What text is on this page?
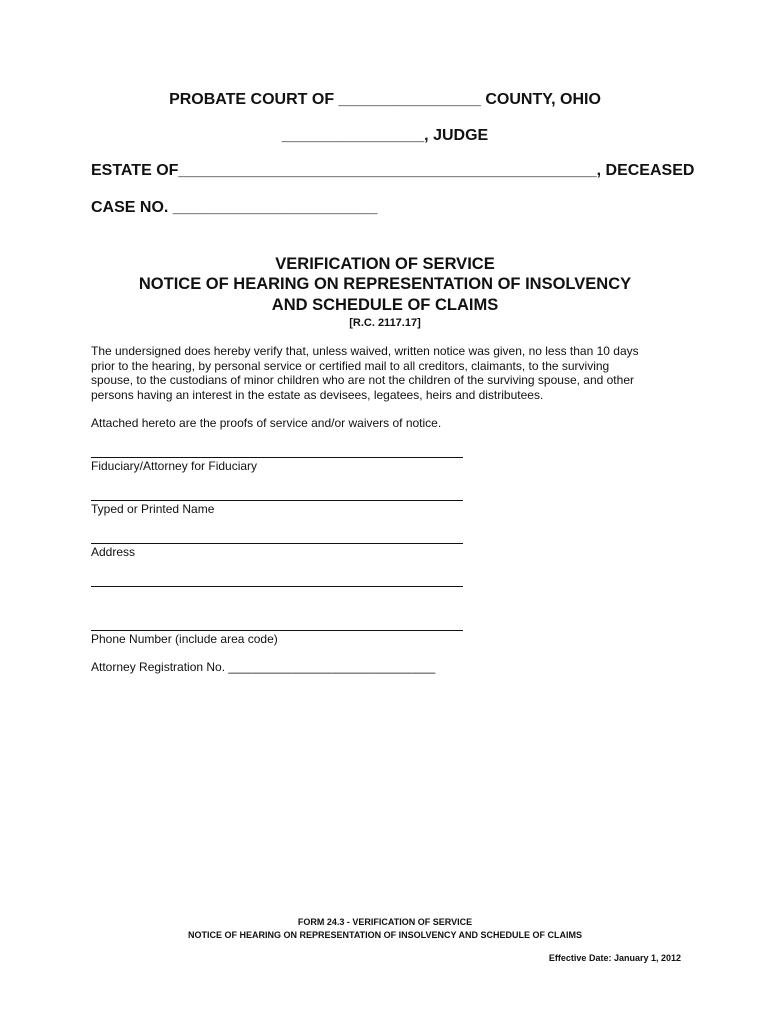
PROBATE COURT OF ________________ COUNTY, OHIO
________________, JUDGE
ESTATE OF_______________________________________________, DECEASED
CASE NO. _______________________
VERIFICATION OF SERVICE
NOTICE OF HEARING ON REPRESENTATION OF INSOLVENCY
AND SCHEDULE OF CLAIMS
[R.C. 2117.17]
The undersigned does hereby verify that, unless waived, written notice was given, no less than 10 days
prior to the hearing, by personal service or certified mail to all creditors, claimants, to the surviving
spouse, to the custodians of minor children who are not the children of the surviving spouse, and other
persons having an interest in the estate as devisees, legatees, heirs and distributees.
Attached hereto are the proofs of service and/or waivers of notice.
Fiduciary/Attorney for Fiduciary
Typed or Printed Name
Address
Phone Number (include area code)
Attorney Registration No. _______________________________
FORM 24.3 - VERIFICATION OF SERVICE
NOTICE OF HEARING ON REPRESENTATION OF INSOLVENCY AND SCHEDULE OF CLAIMS
Effective Date: January 1, 2012
